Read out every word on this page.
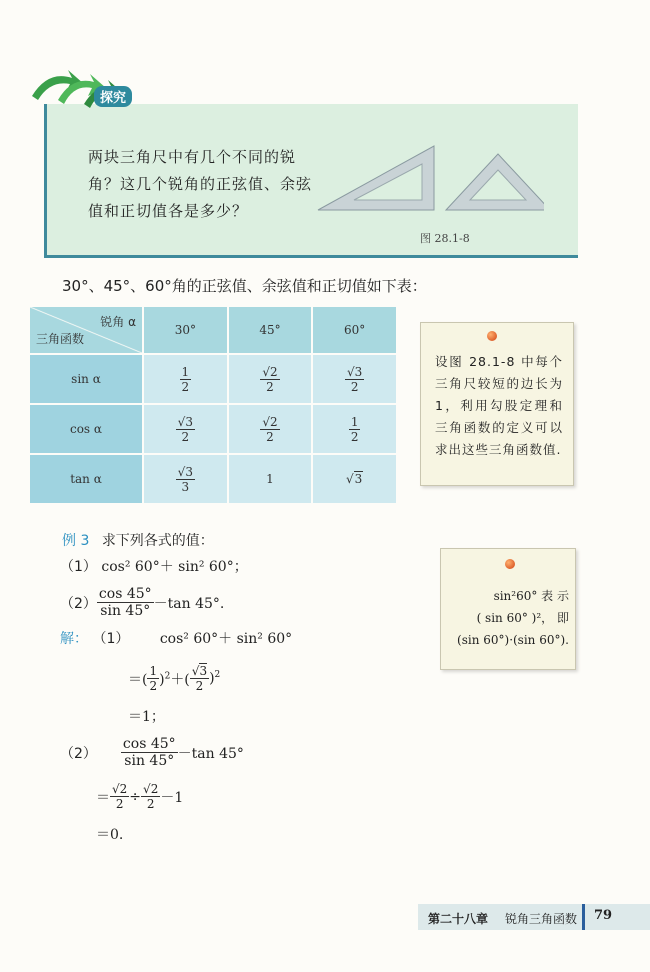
探究
两块三角尺中有几个不同的锐角？这几个锐角的正弦值、余弦值和正切值各是多少？
图 28.1-8
30°、45°、60°角的正弦值、余弦值和正切值如下表：
锐角 α
三角函数	30°	45°	60°
sin α	$\frac{1}{2}$	$\frac{√2}{2}$	$\frac{√3}{2}$

cos α	$\frac{√3}{2}$	$\frac{√2}{2}$	$\frac{1}{2}$

tan α	$\frac{√3}{3}$	1	√3
设图 28.1-8 中每个三角尺较短的边长为 1，利用勾股定理和三角函数的定义可以求出这些三角函数值.
例 3 求下列各式的值：
（1） cos² 60°＋ sin² 60°；
$(2) \frac{\cos 45^\circ}{\sin 45^\circ} -\tan$ 45°.
解： （1） cos² 60°＋ sin² 60°
＝( $\frac{1}{2} )^2+( \frac{√3}{2} )^2$
＝1；
$(2) \frac{\cos 45^\circ}{\sin 45^\circ} -\tan$ 45°
＝ $\frac{√2}{2} \div \frac{√2}{2} -1$
＝0.
sin²60° 表 示
( sin 60° )²， 即
(sin 60°)·(sin 60°).
第二十八章 锐角三角函数 79
